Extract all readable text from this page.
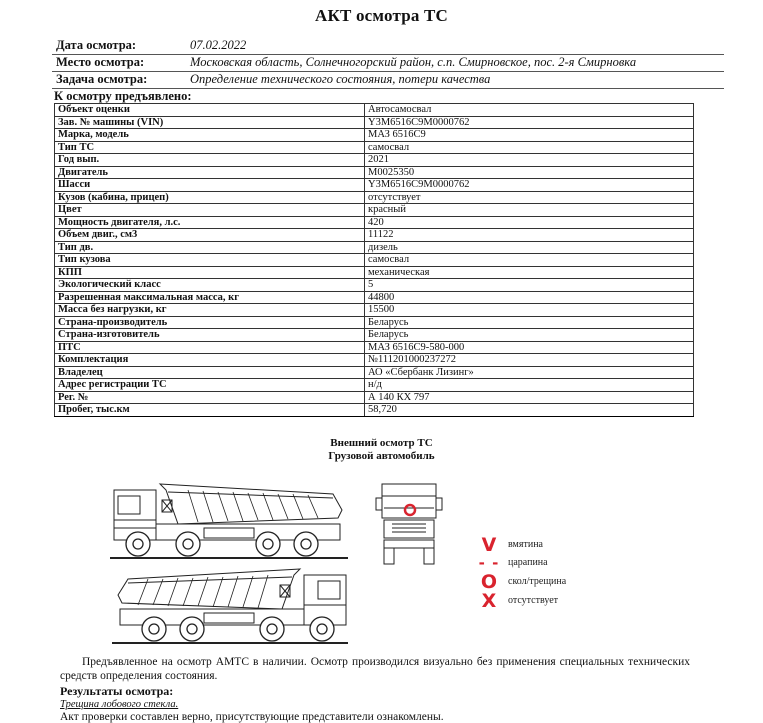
АКТ осмотра ТС
Дата осмотра:	07.02.2022
Место осмотра:	Московская область, Солнечногорский район, с.п. Смирновское, пос. 2-я Смирновка
Задача осмотра:	Определение технического состояния, потери качества
К осмотру предъявлено:
Объект оценки	Автосамосвал
Зав. № машины (VIN)	Y3M6516C9M0000762
Марка, модель	МАЗ 6516С9
Тип ТС	самосвал
Год вып.	2021
Двигатель	M0025350
Шасси	Y3M6516C9M0000762
Кузов (кабина, прицеп)	отсутствует
Цвет	красный
Мощность двигателя, л.с.	420
Объем двиг., см3	11122
Тип дв.	дизель
Тип кузова	самосвал
КПП	механическая
Экологический класс	5
Разрешенная максимальная масса, кг	44800
Масса без нагрузки, кг	15500
Страна-производитель	Беларусь
Страна-изготовитель	Беларусь
ПТС	МАЗ 6516С9-580-000
Комплектация	№111201000237272
Владелец	АО «Сбербанк Лизинг»
Адрес регистрации ТС	н/д
Рег. №	А 140 КХ 797
Пробег, тыс.км	58,720
Внешний осмотр ТС
Грузовой автомобиль
V	вмятина
- - царапина
O скол/трещина
X	отсутствует
Предъявленное на осмотр АМТС в наличии. Осмотр производился визуально без применения специальных технических средств определения состояния.
Результаты осмотра:
Трещина лобового стекла.
Акт проверки составлен верно, присутствующие представители ознакомлены.
